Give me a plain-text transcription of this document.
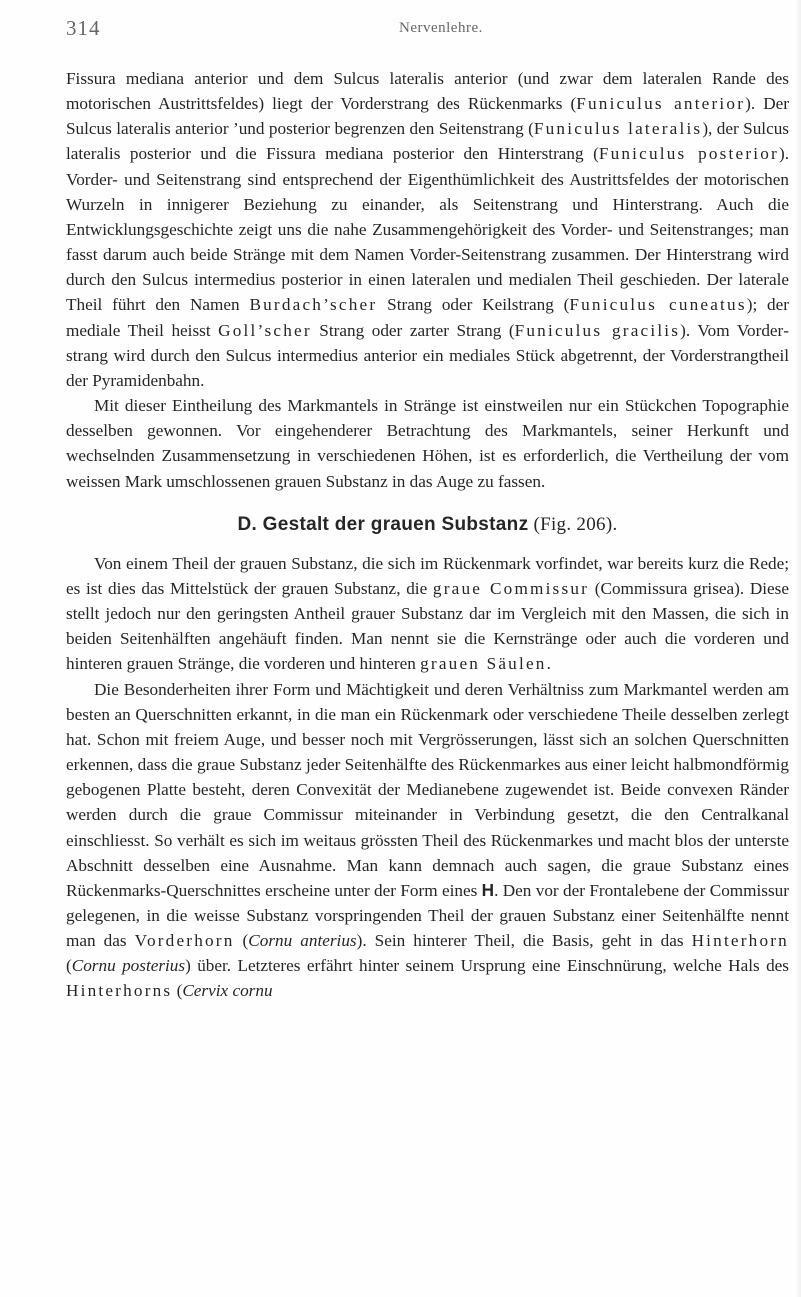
314	Nervenlehre.

Fissura mediana anterior und dem Sulcus lateralis anterior (und zwar dem lateralen Rande des motorischen Austrittsfeldes) liegt der Vorderstrang des Rückenmarks (Funiculus anterior). Der Sulcus lateralis anterior ’und posterior begrenzen den Seitenstrang (Funiculus lateralis), der Sulcus lateralis posterior und die Fissura mediana posterior den Hinterstrang (Funiculus posterior). Vorder- und Seitenstrang sind entsprechend der Eigenthümlichkeit des Austrittsfeldes der motorischen Wurzeln in innigerer Beziehung zu einander, als Seitenstrang und Hinterstrang. Auch die Entwicklungsgeschichte zeigt uns die nahe Zusammengehörigkeit des Vorder- und Seitenstranges; man fasst darum auch beide Stränge mit dem Namen Vorder-Seitenstrang zusammen. Der Hinterstrang wird durch den Sulcus intermedius posterior in einen lateralen und medialen Theil geschieden. Der laterale Theil führt den Namen Burdach’scher Strang oder Keilstrang (Funiculus cuneatus); der mediale Theil heisst Goll’scher Strang oder zarter Strang (Funiculus gracilis). Vom Vorderstrang wird durch den Sulcus intermedius anterior ein mediales Stück abgetrennt, der Vorderstrangtheil der Pyramidenbahn.

Mit dieser Eintheilung des Markmantels in Stränge ist einstweilen nur ein Stückchen Topographie desselben gewonnen. Vor eingehenderer Betrachtung des Markmantels, seiner Herkunft und wechselnden Zusammensetzung in verschiedenen Höhen, ist es erforderlich, die Vertheilung der vom weissen Mark umschlossenen grauen Substanz in das Auge zu fassen.

D. Gestalt der grauen Substanz (Fig. 206).

Von einem Theil der grauen Substanz, die sich im Rückenmark vorfindet, war bereits kurz die Rede; es ist dies das Mittelstück der grauen Substanz, die graue Commissur (Commissura grisea). Diese stellt jedoch nur den geringsten Antheil grauer Substanz dar im Vergleich mit den Massen, die sich in beiden Seitenhälften angehäuft finden. Man nennt sie die Kernstränge oder auch die vorderen und hinteren grauen Stränge, die vorderen und hinteren grauen Säulen.

Die Besonderheiten ihrer Form und Mächtigkeit und deren Verhältniss zum Markmantel werden am besten an Querschnitten erkannt, in die man ein Rückenmark oder verschiedene Theile desselben zerlegt hat. Schon mit freiem Auge, und besser noch mit Vergrösserungen, lässt sich an solchen Querschnitten erkennen, dass die graue Substanz jeder Seitenhälfte des Rückenmarkes aus einer leicht halbmondförmig gebogenen Platte besteht, deren Convexität der Medianebene zugewendet ist. Beide convexen Ränder werden durch die graue Commissur miteinander in Verbindung gesetzt, die den Centralkanal einschliesst. So verhält es sich im weitaus grössten Theil des Rückenmarkes und macht blos der unterste Abschnitt desselben eine Ausnahme. Man kann demnach auch sagen, die graue Substanz eines Rückenmarks-Querschnittes erscheine unter der Form eines H. Den vor der Frontalebene der Commissur gelegenen, in die weisse Substanz vorspringenden Theil der grauen Substanz einer Seitenhälfte nennt man das Vorderhorn (Cornu anterius). Sein hinterer Theil, die Basis, geht in das Hinterhorn (Cornu posterius) über. Letzteres erfährt hinter seinem Ursprung eine Einschnürung, welche Hals des Hinterhorns (Cervix cornu
